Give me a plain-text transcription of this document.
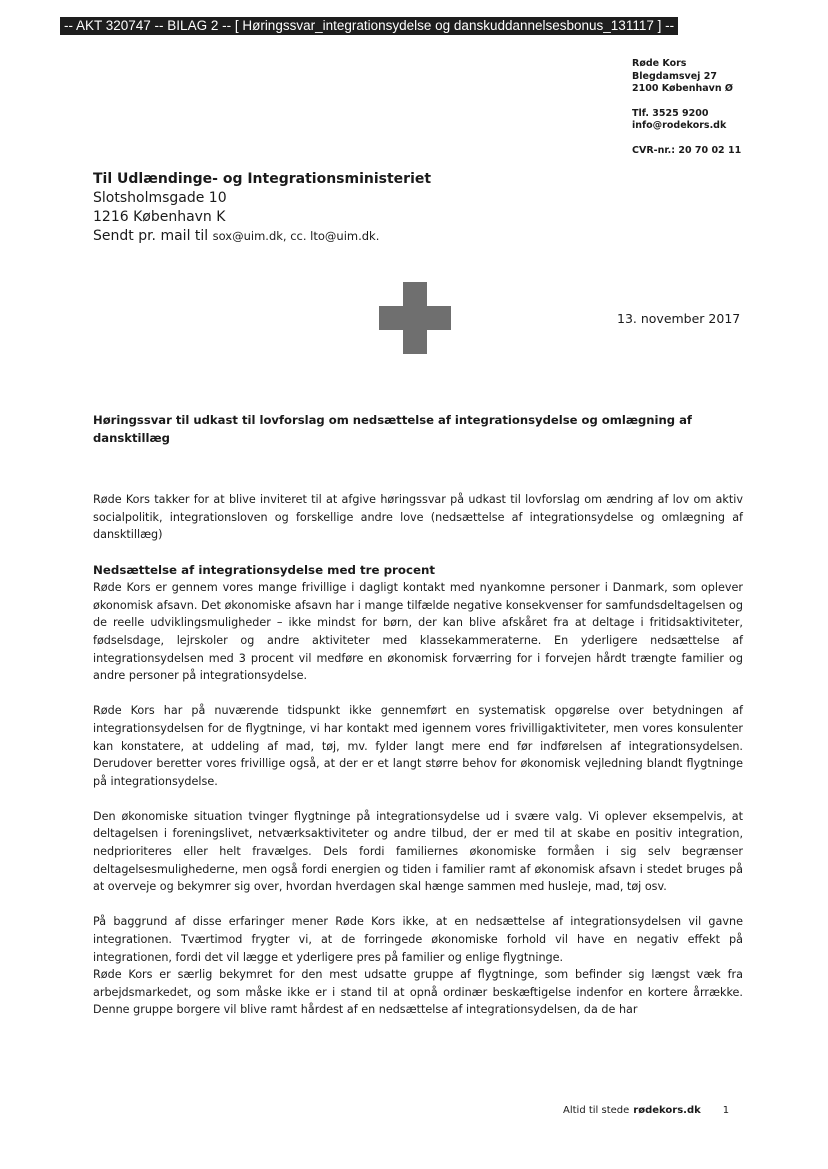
-- AKT 320747 -- BILAG 2 -- [ Høringssvar_integrationsydelse og danskuddannelsesbonus_131117 ] --
Røde Kors
Blegdamsvej 27
2100 København Ø
Tlf. 3525 9200
info@rodekors.dk
CVR-nr.: 20 70 02 11
Til Udlændinge- og Integrationsministeriet
Slotsholmsgade 10
1216 København K
Sendt pr. mail til sox@uim.dk, cc. lto@uim.dk.
13. november 2017
Høringssvar til udkast til lovforslag om nedsættelse af integrationsydelse og omlægning af dansktillæg

Røde Kors takker for at blive inviteret til at afgive høringssvar på udkast til lovforslag om ændring af lov om aktiv socialpolitik, integrationsloven og forskellige andre love (nedsættelse af integrationsydelse og omlægning af dansktillæg)

Nedsættelse af integrationsydelse med tre procent

Røde Kors er gennem vores mange frivillige i dagligt kontakt med nyankomne personer i Danmark, som oplever økonomisk afsavn. Det økonomiske afsavn har i mange tilfælde negative konsekvenser for samfundsdeltagelsen og de reelle udviklingsmuligheder – ikke mindst for børn, der kan blive afskåret fra at deltage i fritidsaktiviteter, fødselsdage, lejrskoler og andre aktiviteter med klassekammeraterne. En yderligere nedsættelse af integrationsydelsen med 3 procent vil medføre en økonomisk forværring for i forvejen hårdt trængte familier og andre personer på integrationsydelse.

Røde Kors har på nuværende tidspunkt ikke gennemført en systematisk opgørelse over betydningen af integrationsydelsen for de flygtninge, vi har kontakt med igennem vores frivilligaktiviteter, men vores konsulenter kan konstatere, at uddeling af mad, tøj, mv. fylder langt mere end før indførelsen af integrationsydelsen. Derudover beretter vores frivillige også, at der er et langt større behov for økonomisk vejledning blandt flygtninge på integrationsydelse.

Den økonomiske situation tvinger flygtninge på integrationsydelse ud i svære valg. Vi oplever eksempelvis, at deltagelsen i foreningslivet, netværksaktiviteter og andre tilbud, der er med til at skabe en positiv integration, nedprioriteres eller helt fravælges. Dels fordi familiernes økonomiske formåen i sig selv begrænser deltagelsesmulighederne, men også fordi energien og tiden i familier ramt af økonomisk afsavn i stedet bruges på at overveje og bekymrer sig over, hvordan hverdagen skal hænge sammen med husleje, mad, tøj osv.

På baggrund af disse erfaringer mener Røde Kors ikke, at en nedsættelse af integrationsydelsen vil gavne integrationen. Tværtimod frygter vi, at de forringede økonomiske forhold vil have en negativ effekt på integrationen, fordi det vil lægge et yderligere pres på familier og enlige flygtninge.

Røde Kors er særlig bekymret for den mest udsatte gruppe af flygtninge, som befinder sig længst væk fra arbejdsmarkedet, og som måske ikke er i stand til at opnå ordinær beskæftigelse indenfor en kortere årrække. Denne gruppe borgere vil blive ramt hårdest af en nedsættelse af integrationsydelsen, da de har

Altid til stede rødekors.dk 1
